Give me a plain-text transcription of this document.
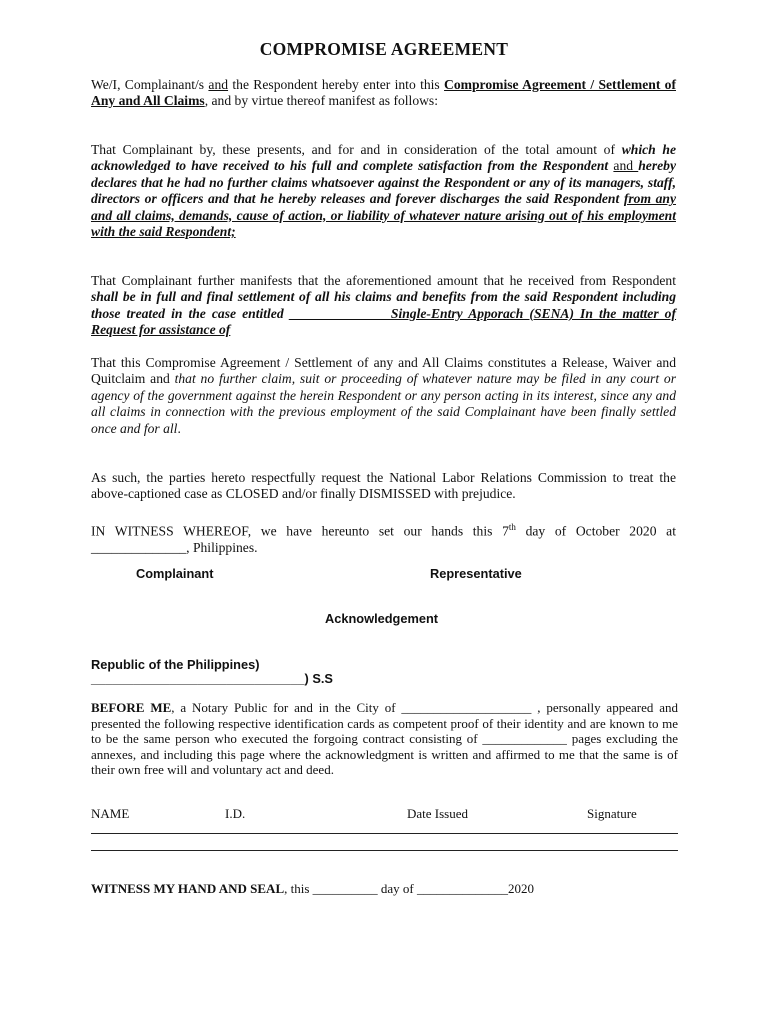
COMPROMISE AGREEMENT
We/I, Complainant/s and the Respondent hereby enter into this Compromise Agreement / Settlement of Any and All Claims, and by virtue thereof manifest as follows:
That Complainant by, these presents, and for and in consideration of the total amount of which he acknowledged to have received to his full and complete satisfaction from the Respondent and hereby declares that he had no further claims whatsoever against the Respondent or any of its managers, staff, directors or officers and that he hereby releases and forever discharges the said Respondent from any and all claims, demands, cause of action, or liability of whatever nature arising out of his employment with the said Respondent;
That Complainant further manifests that the aforementioned amount that he received from Respondent shall be in full and final settlement of all his claims and benefits from the said Respondent including those treated in the case entitled ______________ Single-Entry Apporach (SENA) In the matter of Request for assistance of
That this Compromise Agreement / Settlement of any and All Claims constitutes a Release, Waiver and Quitclaim and that no further claim, suit or proceeding of whatever nature may be filed in any court or agency of the government against the herein Respondent or any person acting in its interest, since any and all claims in connection with the previous employment of the said Complainant have been finally settled once and for all.
As such, the parties hereto respectfully request the National Labor Relations Commission to treat the above-captioned case as CLOSED and/or finally DISMISSED with prejudice.
IN WITNESS WHEREOF, we have hereunto set our hands this 7th day of October 2020 at ______________, Philippines.
Complainant	Representative
Acknowledgement
Republic of the Philippines)
______________________________) S.S
BEFORE ME, a Notary Public for and in the City of ____________________ , personally appeared and presented the following respective identification cards as competent proof of their identity and are known to me to be the same person who executed the forgoing contract consisting of _____________ pages excluding the annexes, and including this page where the acknowledgment is written and affirmed to me that the same is of their own free will and voluntary act and deed.
NAME	I.D.	Date Issued	Signature
WITNESS MY HAND AND SEAL, this __________ day of ______________2020
